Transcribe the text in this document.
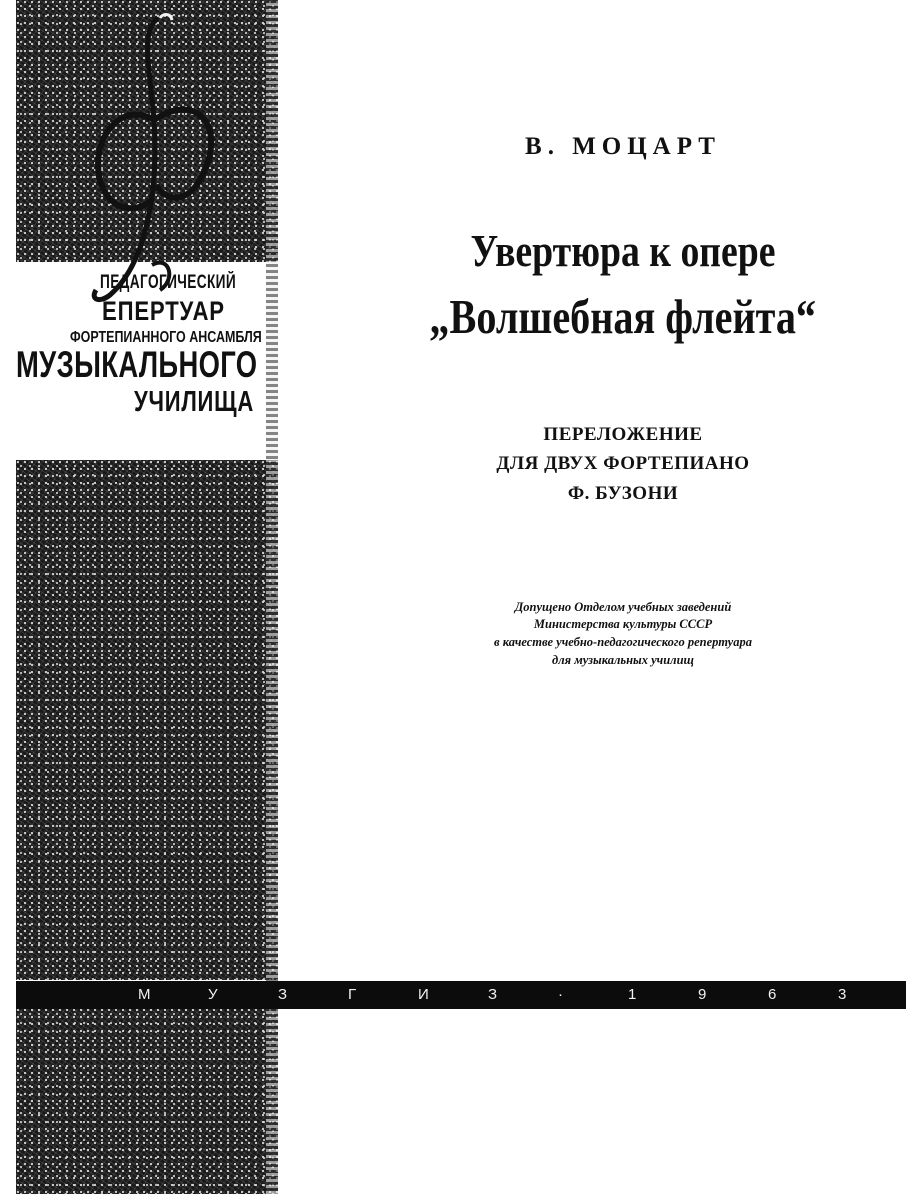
ПЕДАГОГИЧЕСКИЙ
ЕПЕРТУАР
ФОРТЕПИАННОГО АНСАМБЛЯ
МУЗЫКАЛЬНОГО
УЧИЛИЩА
М	У	З	Г	И	З	·	1	9	6	3
В. МОЦАРТ
Увертюра к опере
„Волшебная флейта“
ПЕРЕЛОЖЕНИЕ
ДЛЯ ДВУХ ФОРТЕПИАНО
Ф. БУЗОНИ
Допущено Отделом учебных заведений
Министерства культуры СССР
в качестве учебно-педагогического репертуара
для музыкальных училищ
